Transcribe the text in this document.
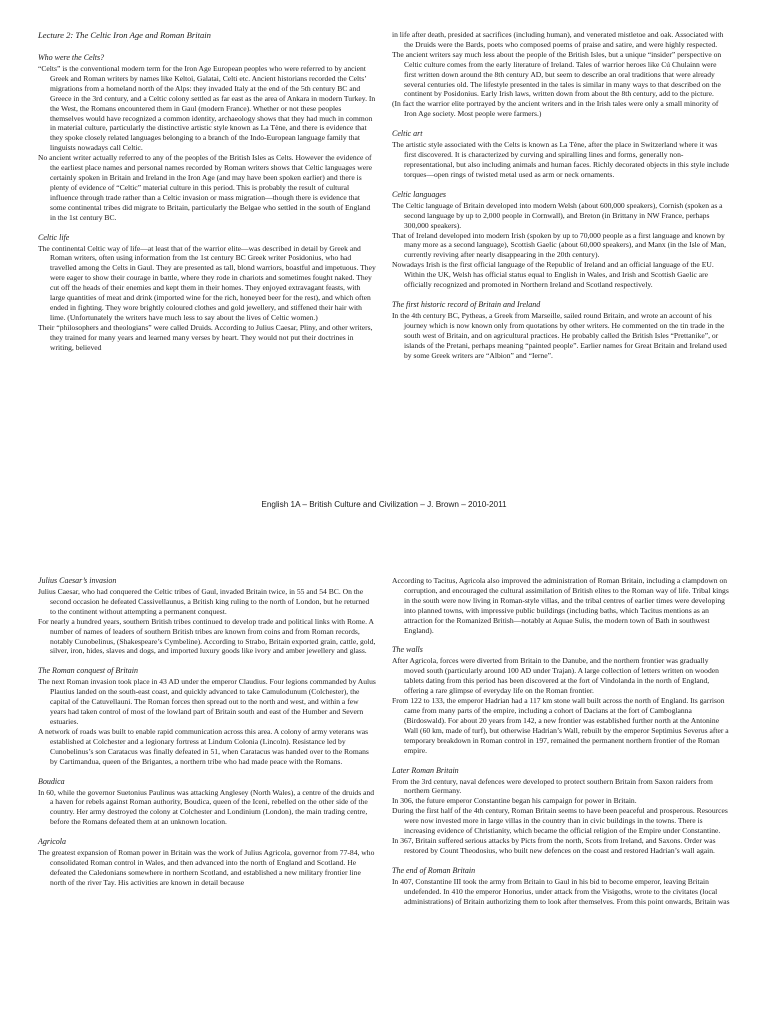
Lecture 2: The Celtic Iron Age and Roman Britain
Who were the Celts?
“Celts” is the conventional modern term for the Iron Age European peoples who were referred to by ancient Greek and Roman writers by names like Keltoi, Galatai, Celti etc. Ancient historians recorded the Celts’ migrations from a homeland north of the Alps: they invaded Italy at the end of the 5th century BC and Greece in the 3rd century, and a Celtic colony settled as far east as the area of Ankara in modern Turkey. In the West, the Romans encountered them in Gaul (modern France). Whether or not these peoples themselves would have recognized a common identity, archaeology shows that they had much in common in material culture, particularly the distinctive artistic style known as La Tène, and there is evidence that they spoke closely related languages belonging to a branch of the Indo-European language family that linguists nowadays call Celtic.
No ancient writer actually referred to any of the peoples of the British Isles as Celts. However the evidence of the earliest place names and personal names recorded by Roman writers shows that Celtic languages were certainly spoken in Britain and Ireland in the Iron Age (and may have been spoken earlier) and there is plenty of evidence of “Celtic” material culture in this period. This is probably the result of cultural influence through trade rather than a Celtic invasion or mass migration—though there is evidence that some continental tribes did migrate to Britain, particularly the Belgae who settled in the south of England in the 1st century BC.
Celtic life
The continental Celtic way of life—at least that of the warrior elite—was described in detail by Greek and Roman writers, often using information from the 1st century BC Greek writer Posidonius, who had travelled among the Celts in Gaul. They are presented as tall, blond warriors, boastful and impetuous. They were eager to show their courage in battle, where they rode in chariots and sometimes fought naked. They cut off the heads of their enemies and kept them in their homes. They enjoyed extravagant feasts, with large quantities of meat and drink (imported wine for the rich, honeyed beer for the rest), and which often ended in fighting. They wore brightly coloured clothes and gold jewellery, and stiffened their hair with lime. (Unfortunately the writers have much less to say about the lives of Celtic women.)
Their “philosophers and theologians” were called Druids. According to Julius Caesar, Pliny, and other writers, they trained for many years and learned many verses by heart. They would not put their doctrines in writing, believed
in life after death, presided at sacrifices (including human), and venerated mistletoe and oak. Associated with the Druids were the Bards, poets who composed poems of praise and satire, and were highly respected.
The ancient writers say much less about the people of the British Isles, but a unique “insider” perspective on Celtic culture comes from the early literature of Ireland. Tales of warrior heroes like Cú Chulainn were first written down around the 8th century AD, but seem to describe an oral traditions that were already several centuries old. The lifestyle presented in the tales is similar in many ways to that described on the continent by Posidonius. Early Irish laws, written down from about the 8th century, add to the picture.
(In fact the warrior elite portrayed by the ancient writers and in the Irish tales were only a small minority of Iron Age society. Most people were farmers.)
Celtic art
The artistic style associated with the Celts is known as La Tène, after the place in Switzerland where it was first discovered. It is characterized by curving and spiralling lines and forms, generally non-representational, but also including animals and human faces. Richly decorated objects in this style include torques—open rings of twisted metal used as arm or neck ornaments.
Celtic languages
The Celtic language of Britain developed into modern Welsh (about 600,000 speakers), Cornish (spoken as a second language by up to 2,000 people in Cornwall), and Breton (in Brittany in NW France, perhaps 300,000 speakers).
That of Ireland developed into modern Irish (spoken by up to 70,000 people as a first language and known by many more as a second language), Scottish Gaelic (about 60,000 speakers), and Manx (in the Isle of Man, currently reviving after nearly disappearing in the 20th century).
Nowadays Irish is the first official language of the Republic of Ireland and an official language of the EU. Within the UK, Welsh has official status equal to English in Wales, and Irish and Scottish Gaelic are officially recognized and promoted in Northern Ireland and Scotland respectively.
The first historic record of Britain and Ireland
In the 4th century BC, Pytheas, a Greek from Marseille, sailed round Britain, and wrote an account of his journey which is now known only from quotations by other writers. He commented on the tin trade in the south west of Britain, and on agricultural practices. He probably called the British Isles “Prettanike”, or islands of the Pretani, perhaps meaning “painted people”. Earlier names for Great Britain and Ireland used by some Greek writers are “Albion” and “Ierne”.
English 1A – British Culture and Civilization – J. Brown – 2010-2011
Julius Caesar’s invasion
Julius Caesar, who had conquered the Celtic tribes of Gaul, invaded Britain twice, in 55 and 54 BC. On the second occasion he defeated Cassivellaunus, a British king ruling to the north of London, but he returned to the continent without attempting a permanent conquest.
For nearly a hundred years, southern British tribes continued to develop trade and political links with Rome. A number of names of leaders of southern British tribes are known from coins and from Roman records, notably Cunobelinus, (Shakespeare’s Cymbeline). According to Strabo, Britain exported grain, cattle, gold, silver, iron, hides, slaves and dogs, and imported luxury goods like ivory and amber jewellery and glass.
The Roman conquest of Britain
The next Roman invasion took place in 43 AD under the emperor Claudius. Four legions commanded by Aulus Plautius landed on the south-east coast, and quickly advanced to take Camulodunum (Colchester), the capital of the Catuvellauni. The Roman forces then spread out to the north and west, and within a few years had taken control of most of the lowland part of Britain south and east of the Humber and Severn estuaries.
A network of roads was built to enable rapid communication across this area. A colony of army veterans was established at Colchester and a legionary fortress at Lindum Colonia (Lincoln). Resistance led by Cunobelinus’s son Caratacus was finally defeated in 51, when Caratacus was handed over to the Romans by Cartimandua, queen of the Brigantes, a northern tribe who had made peace with the Romans.
Boudica
In 60, while the governor Suetonius Paulinus was attacking Anglesey (North Wales), a centre of the druids and a haven for rebels against Roman authority, Boudica, queen of the Iceni, rebelled on the other side of the country. Her army destroyed the colony at Colchester and Londinium (London), the main trading centre, before the Romans defeated them at an unknown location.
Agricola
The greatest expansion of Roman power in Britain was the work of Julius Agricola, governor from 77-84, who consolidated Roman control in Wales, and then advanced into the north of England and Scotland. He defeated the Caledonians somewhere in northern Scotland, and established a new military frontier line north of the river Tay. His activities are known in detail because
According to Tacitus, Agricola also improved the administration of Roman Britain, including a clampdown on corruption, and encouraged the cultural assimilation of British elites to the Roman way of life. Tribal kings in the south were now living in Roman-style villas, and the tribal centres of earlier times were developing into planned towns, with impressive public buildings (including baths, which Tacitus mentions as an attraction for the Romanized British—notably at Aquae Sulis, the modern town of Bath in southwest England).
The walls
After Agricola, forces were diverted from Britain to the Danube, and the northern frontier was gradually moved south (particularly around 100 AD under Trajan). A large collection of letters written on wooden tablets dating from this period has been discovered at the fort of Vindolanda in the north of England, offering a rare glimpse of everyday life on the Roman frontier.
From 122 to 133, the emperor Hadrian had a 117 km stone wall built across the north of England. Its garrison came from many parts of the empire, including a cohort of Dacians at the fort of Camboglanna (Birdoswald). For about 20 years from 142, a new frontier was established further north at the Antonine Wall (60 km, made of turf), but otherwise Hadrian’s Wall, rebuilt by the emperor Septimius Severus after a temporary breakdown in Roman control in 197, remained the permanent northern frontier of the Roman empire.
Later Roman Britain
From the 3rd century, naval defences were developed to protect southern Britain from Saxon raiders from northern Germany.
In 306, the future emperor Constantine began his campaign for power in Britain.
During the first half of the 4th century, Roman Britain seems to have been peaceful and prosperous. Resources were now invested more in large villas in the country than in civic buildings in the towns. There is increasing evidence of Christianity, which became the official religion of the Empire under Constantine.
In 367, Britain suffered serious attacks by Picts from the north, Scots from Ireland, and Saxons. Order was restored by Count Theodosius, who built new defences on the coast and restored Hadrian’s wall again.
The end of Roman Britain
In 407, Constantine III took the army from Britain to Gaul in his bid to become emperor, leaving Britain undefended. In 410 the emperor Honorius, under attack from the Visigoths, wrote to the civitates (local administrations) of Britain authorizing them to look after themselves. From this point onwards, Britain was
